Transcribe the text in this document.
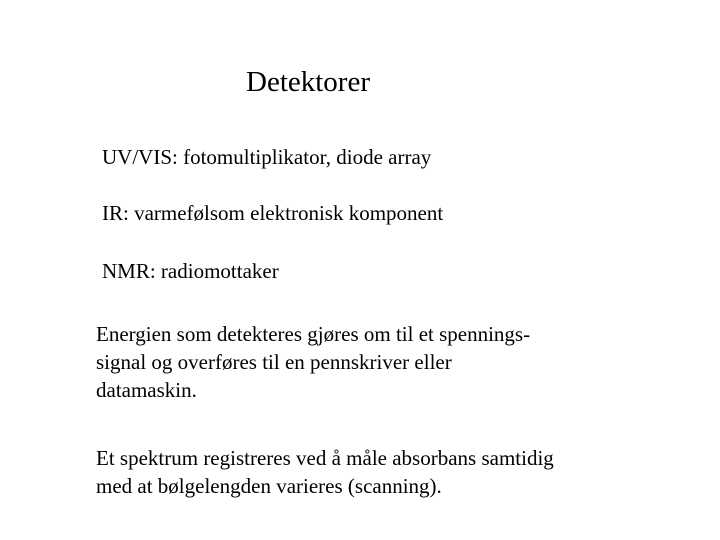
Detektorer
UV/VIS: fotomultiplikator, diode array
IR: varmefølsom elektronisk komponent
NMR: radiomottaker
Energien som detekteres gjøres om til et spennings-
signal og overføres til en pennskriver eller
datamaskin.
Et spektrum registreres ved å måle absorbans samtidig
med at bølgelengden varieres (scanning).
